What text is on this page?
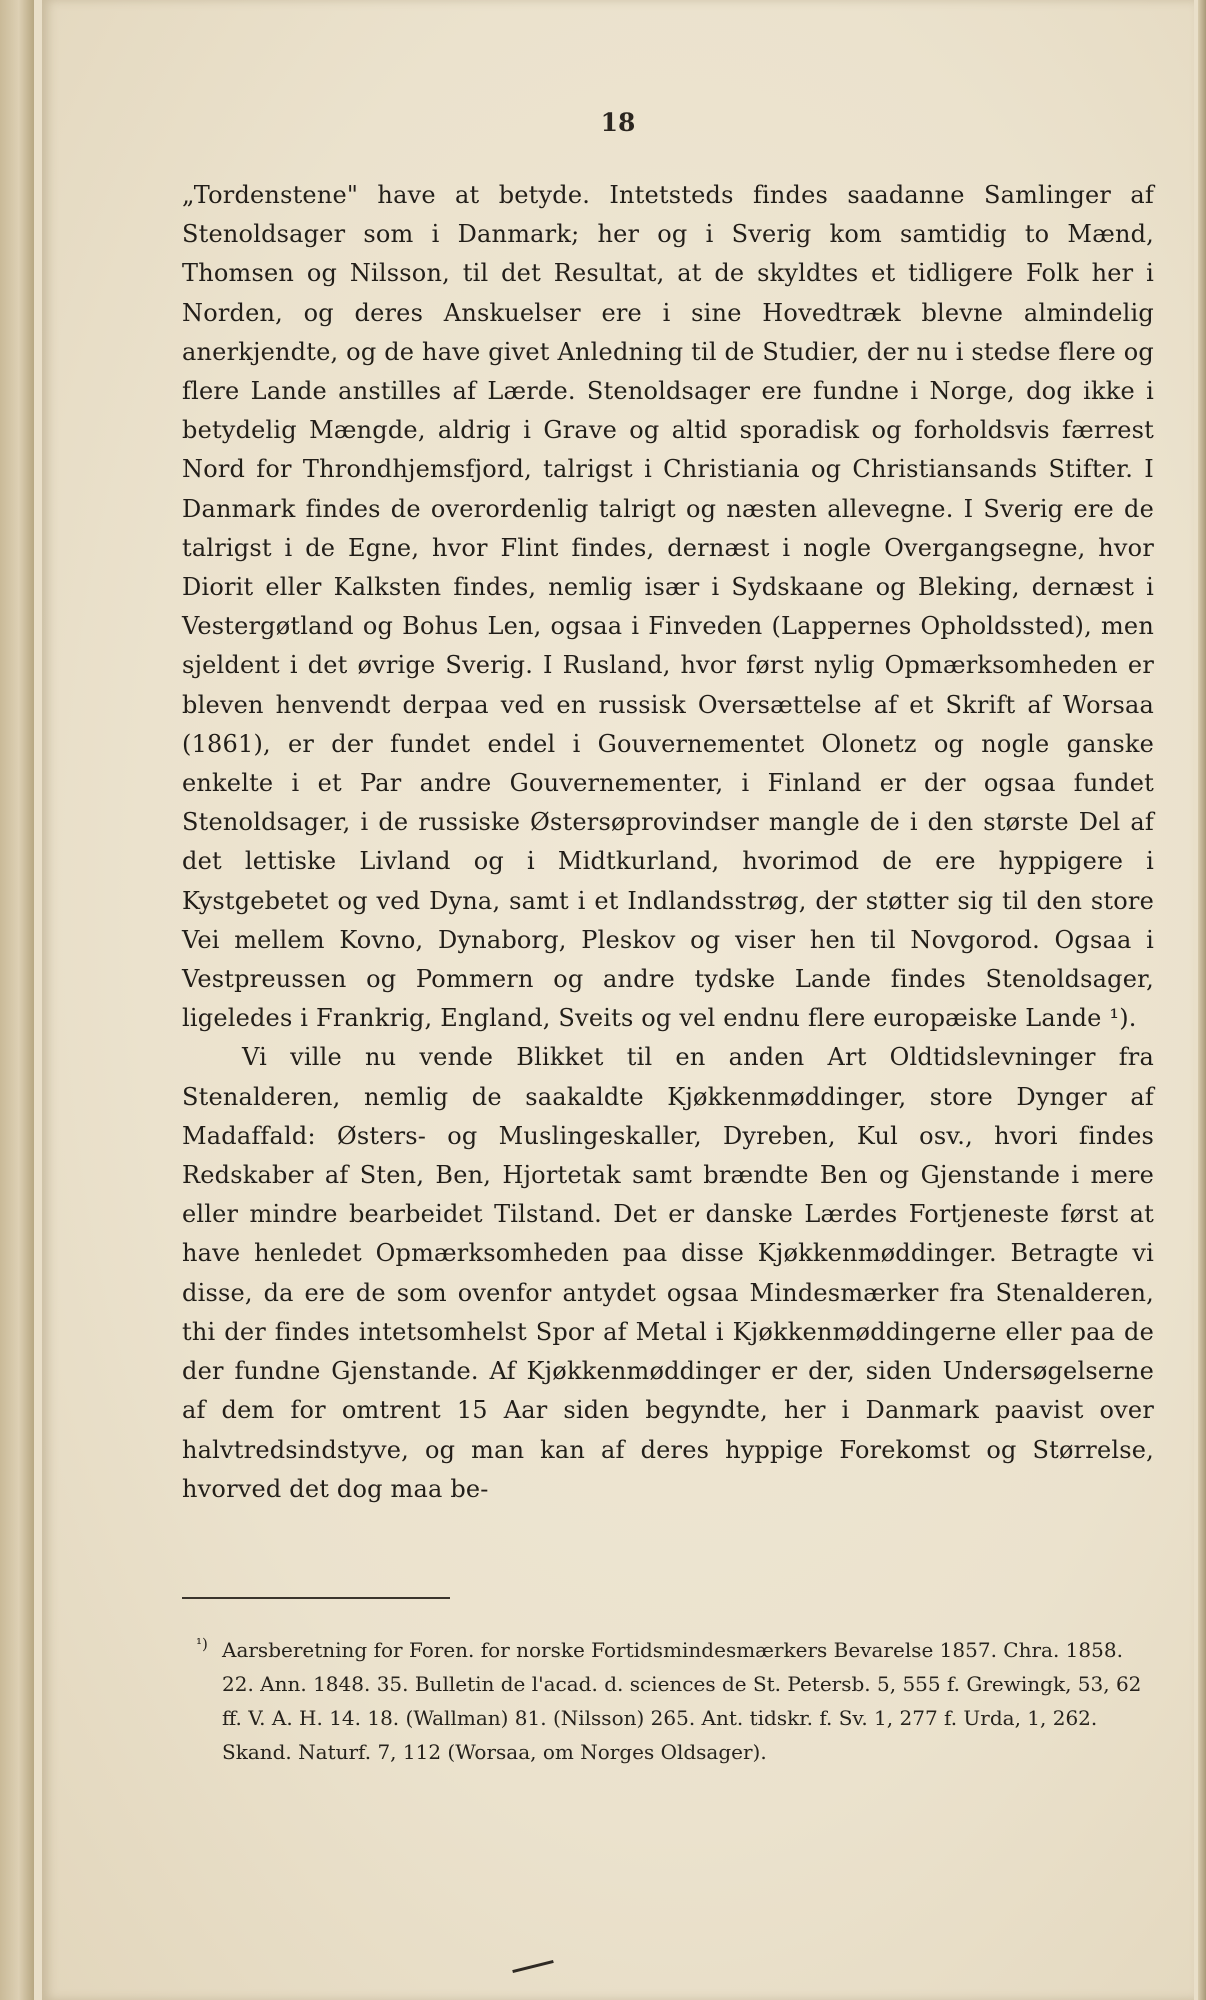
18

„Tordenstene" have at betyde. Intetsteds findes saadanne Samlinger af Stenoldsager som i Danmark; her og i Sverig kom samtidig to Mænd, Thomsen og Nilsson, til det Resultat, at de skyldtes et tidligere Folk her i Norden, og deres Anskuelser ere i sine Hovedtræk blevne almindelig anerkjendte, og de have givet Anledning til de Studier, der nu i stedse flere og flere Lande anstilles af Lærde. Stenoldsager ere fundne i Norge, dog ikke i betydelig Mængde, aldrig i Grave og altid sporadisk og forholdsvis færrest Nord for Throndhjemsfjord, talrigst i Christiania og Christiansands Stifter. I Danmark findes de overordenlig talrigt og næsten allevegne. I Sverig ere de talrigst i de Egne, hvor Flint findes, dernæst i nogle Overgangsegne, hvor Diorit eller Kalksten findes, nemlig især i Sydskaane og Bleking, dernæst i Vestergøtland og Bohus Len, ogsaa i Finveden (Lappernes Opholdssted), men sjeldent i det øvrige Sverig. I Rusland, hvor først nylig Opmærksomheden er bleven henvendt derpaa ved en russisk Oversættelse af et Skrift af Worsaa (1861), er der fundet endel i Gouvernementet Olonetz og nogle ganske enkelte i et Par andre Gouvernementer, i Finland er der ogsaa fundet Stenoldsager, i de russiske Østersøprovindser mangle de i den største Del af det lettiske Livland og i Midtkurland, hvorimod de ere hyppigere i Kystgebetet og ved Dyna, samt i et Indlandsstrøg, der støtter sig til den store Vei mellem Kovno, Dynaborg, Pleskov og viser hen til Novgorod. Ogsaa i Vestpreussen og Pommern og andre tydske Lande findes Stenoldsager, ligeledes i Frankrig, England, Sveits og vel endnu flere europæiske Lande ¹).

Vi ville nu vende Blikket til en anden Art Oldtidslevninger fra Stenalderen, nemlig de saakaldte Kjøkkenmøddinger, store Dynger af Madaffald: Østers- og Muslingeskaller, Dyreben, Kul osv., hvori findes Redskaber af Sten, Ben, Hjortetak samt brændte Ben og Gjenstande i mere eller mindre bearbeidet Tilstand. Det er danske Lærdes Fortjeneste først at have henledet Opmærksomheden paa disse Kjøkkenmøddinger. Betragte vi disse, da ere de som ovenfor antydet ogsaa Mindesmærker fra Stenalderen, thi der findes intetsomhelst Spor af Metal i Kjøkkenmøddingerne eller paa de der fundne Gjenstande. Af Kjøkkenmøddinger er der, siden Undersøgelserne af dem for omtrent 15 Aar siden begyndte, her i Danmark paavist over halvtredsindstyve, og man kan af deres hyppige Forekomst og Størrelse, hvorved det dog maa be-

¹) Aarsberetning for Foren. for norske Fortidsmindesmærkers Bevarelse 1857. Chra. 1858. 22. Ann. 1848. 35. Bulletin de l'acad. d. sciences de St. Petersb. 5, 555 f. Grewingk, 53, 62 ff. V. A. H. 14. 18. (Wallman) 81. (Nilsson) 265. Ant. tidskr. f. Sv. 1, 277 f. Urda, 1, 262. Skand. Naturf. 7, 112 (Worsaa, om Norges Oldsager).
